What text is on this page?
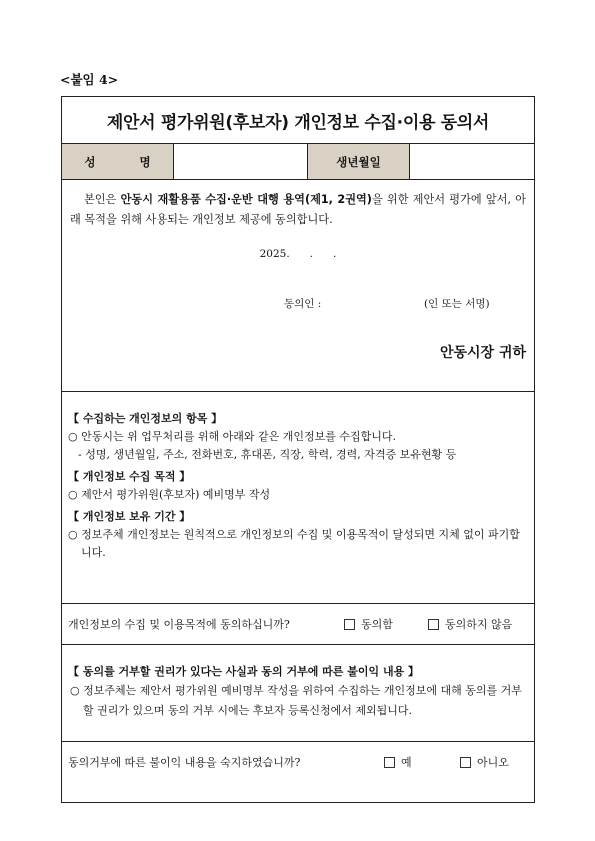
<붙임 4>
제안서 평가위원(후보자) 개인정보 수집·이용 동의서
성 명	생년월일
본인은 안동시 재활용품 수집·운반 대행 용역(제1, 2권역)을 위한 제안서 평가에 앞서, 아래 목적을 위해 사용되는 개인정보 제공에 동의합니다.
2025.      .      .
동의인 :	(인 또는 서명)
안동시장 귀하
【 수집하는 개인정보의 항목 】
○ 안동시는 위 업무처리를 위해 아래와 같은 개인정보를 수집합니다.
- 성명, 생년월일, 주소, 전화번호, 휴대폰, 직장, 학력, 경력, 자격증 보유현황 등
【 개인정보 수집 목적 】
○ 제안서 평가위원(후보자) 예비명부 작성
【 개인정보 보유 기간 】
○ 정보주체 개인정보는 원칙적으로 개인정보의 수집 및 이용목적이 달성되면 지체 없이 파기합니다.
개인정보의 수집 및 이용목적에 동의하십니까?	동의함	동의하지 않음
【 동의를 거부할 권리가 있다는 사실과 동의 거부에 따른 불이익 내용 】
○ 정보주체는 제안서 평가위원 예비명부 작성을 위하여 수집하는 개인정보에 대해 동의를 거부할 권리가 있으며 동의 거부 시에는 후보자 등록신청에서 제외됩니다.
동의거부에 따른 불이익 내용을 숙지하였습니까?	예	아니오
